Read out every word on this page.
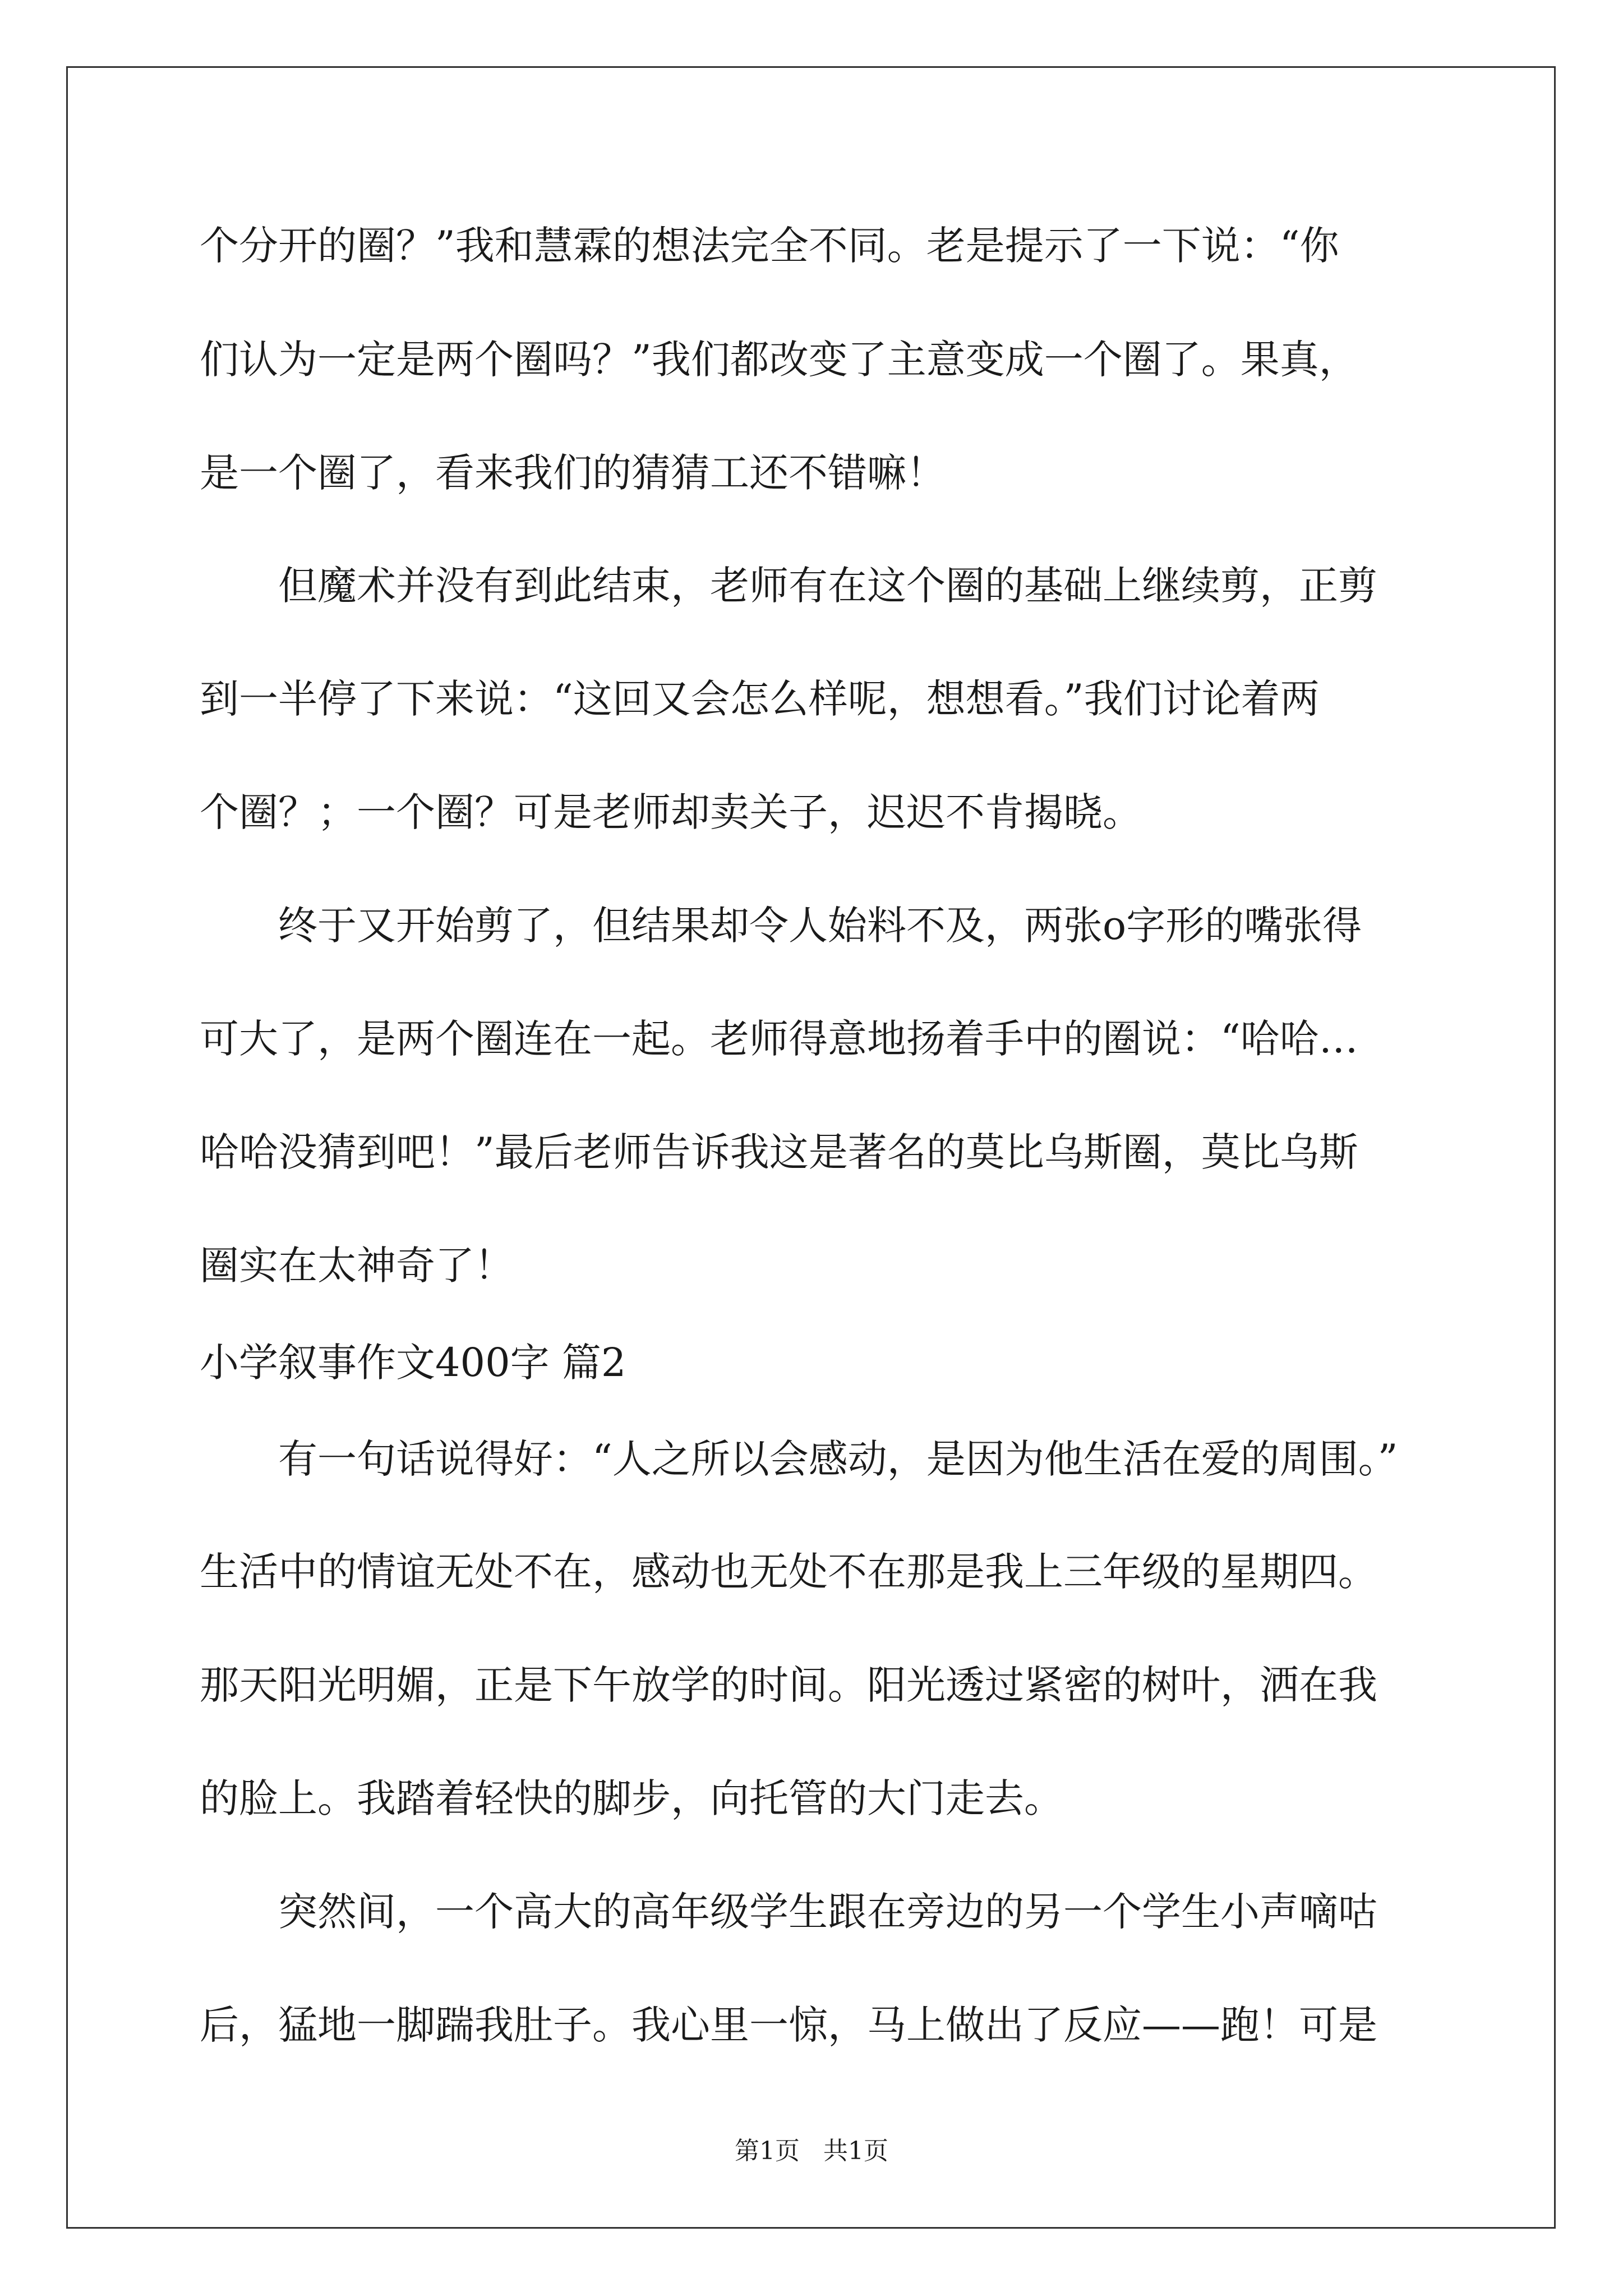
个分开的圈？”我和慧霖的想法完全不同。老是提示了一下说：“你
们认为一定是两个圈吗？”我们都改变了主意变成一个圈了。果真，
是一个圈了，看来我们的猜猜工还不错嘛！
但魔术并没有到此结束，老师有在这个圈的基础上继续剪，正剪
到一半停了下来说：“这回又会怎么样呢，想想看。”我们讨论着两
个圈？；一个圈？可是老师却卖关子，迟迟不肯揭晓。
终于又开始剪了，但结果却令人始料不及，两张o字形的嘴张得
可大了，是两个圈连在一起。老师得意地扬着手中的圈说：“哈哈…
哈哈没猜到吧！”最后老师告诉我这是著名的莫比乌斯圈，莫比乌斯
圈实在太神奇了！
小学叙事作文400字 篇2
有一句话说得好：“人之所以会感动，是因为他生活在爱的周围。”
生活中的情谊无处不在，感动也无处不在那是我上三年级的星期四。
那天阳光明媚，正是下午放学的时间。阳光透过紧密的树叶，洒在我
的脸上。我踏着轻快的脚步，向托管的大门走去。
突然间，一个高大的高年级学生跟在旁边的另一个学生小声嘀咕
后，猛地一脚踹我肚子。我心里一惊，马上做出了反应——跑！可是
第1页   共1页
